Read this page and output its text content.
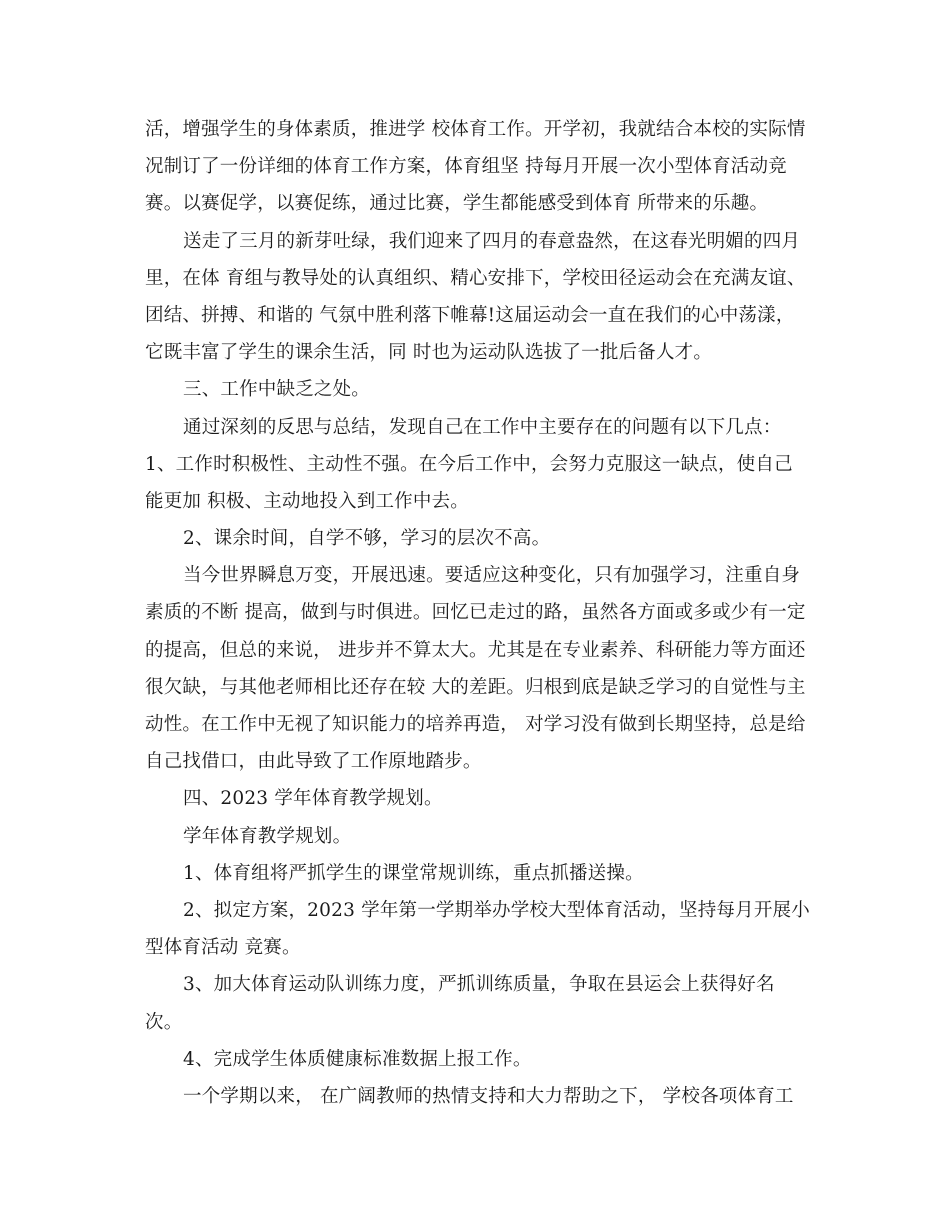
活，增强学生的身体素质，推进学 校体育工作。开学初，我就结合本校的实际情
况制订了一份详细的体育工作方案，体育组坚 持每月开展一次小型体育活动竞
赛。以赛促学，以赛促练，通过比赛，学生都能感受到体育 所带来的乐趣。
送走了三月的新芽吐绿，我们迎来了四月的春意盎然，在这春光明媚的四月
里，在体 育组与教导处的认真组织、精心安排下，学校田径运动会在充满友谊、
团结、拼搏、和谐的 气氛中胜利落下帷幕!这届运动会一直在我们的心中荡漾，
它既丰富了学生的课余生活，同 时也为运动队选拔了一批后备人才。
三、工作中缺乏之处。
通过深刻的反思与总结，发现自己在工作中主要存在的问题有以下几点：
1、工作时积极性、主动性不强。在今后工作中，会努力克服这一缺点，使自己
能更加 积极、主动地投入到工作中去。
2、课余时间，自学不够，学习的层次不高。
当今世界瞬息万变，开展迅速。要适应这种变化，只有加强学习，注重自身
素质的不断 提高，做到与时俱进。回忆已走过的路，虽然各方面或多或少有一定
的提高，但总的来说， 进步并不算太大。尤其是在专业素养、科研能力等方面还
很欠缺，与其他老师相比还存在较 大的差距。归根到底是缺乏学习的自觉性与主
动性。在工作中无视了知识能力的培养再造， 对学习没有做到长期坚持，总是给
自己找借口，由此导致了工作原地踏步。
四、2023 学年体育教学规划。
学年体育教学规划。
1、体育组将严抓学生的课堂常规训练，重点抓播送操。
2、拟定方案，2023 学年第一学期举办学校大型体育活动，坚持每月开展小
型体育活动 竞赛。
3、加大体育运动队训练力度，严抓训练质量，争取在县运会上获得好名
次。
4、完成学生体质健康标准数据上报工作。
一个学期以来， 在广阔教师的热情支持和大力帮助之下， 学校各项体育工
